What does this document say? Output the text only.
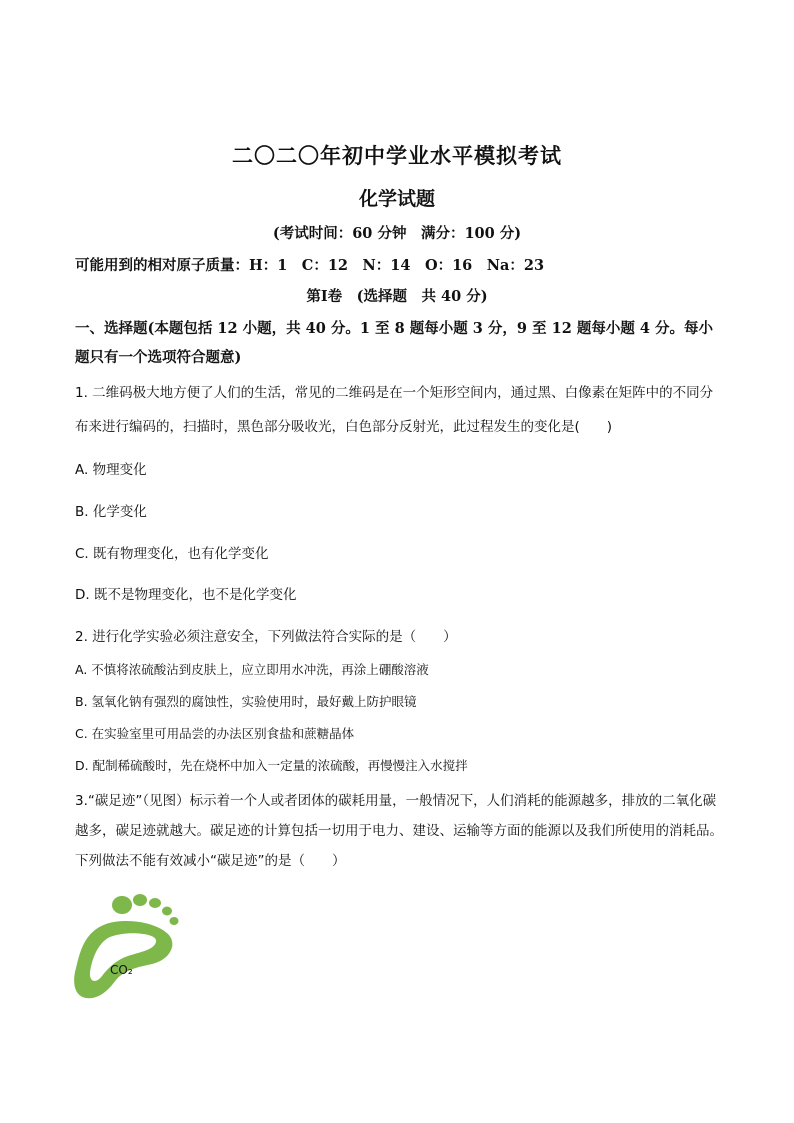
二〇二〇年初中学业水平模拟考试
化学试题
(考试时间：60 分钟　满分：100 分)
可能用到的相对原子质量：H：1　C：12　N：14　O：16　Na：23
第Ⅰ卷　(选择题　共 40 分)
一、选择题(本题包括 12 小题，共 40 分。1 至 8 题每小题 3 分，9 至 12 题每小题 4 分。每小题只有一个选项符合题意)
1. 二维码极大地方便了人们的生活，常见的二维码是在一个矩形空间内，通过黑、白像素在矩阵中的不同分布来进行编码的，扫描时，黑色部分吸收光，白色部分反射光，此过程发生的变化是(　　)
A. 物理变化
B. 化学变化
C. 既有物理变化，也有化学变化
D. 既不是物理变化，也不是化学变化
2. 进行化学实验必须注意安全，下列做法符合实际的是（　　）
A. 不慎将浓硫酸沾到皮肤上，应立即用水冲洗，再涂上硼酸溶液
B. 氢氧化钠有强烈的腐蚀性，实验使用时，最好戴上防护眼镜
C. 在实验室里可用品尝的办法区别食盐和蔗糖晶体
D. 配制稀硫酸时，先在烧杯中加入一定量的浓硫酸，再慢慢注入水搅拌
3.“碳足迹”（见图）标示着一个人或者团体的碳耗用量，一般情况下，人们消耗的能源越多，排放的二氧化碳越多，碳足迹就越大。碳足迹的计算包括一切用于电力、建设、运输等方面的能源以及我们所使用的消耗品。下列做法不能有效减小“碳足迹”的是（　　）
CO₂
